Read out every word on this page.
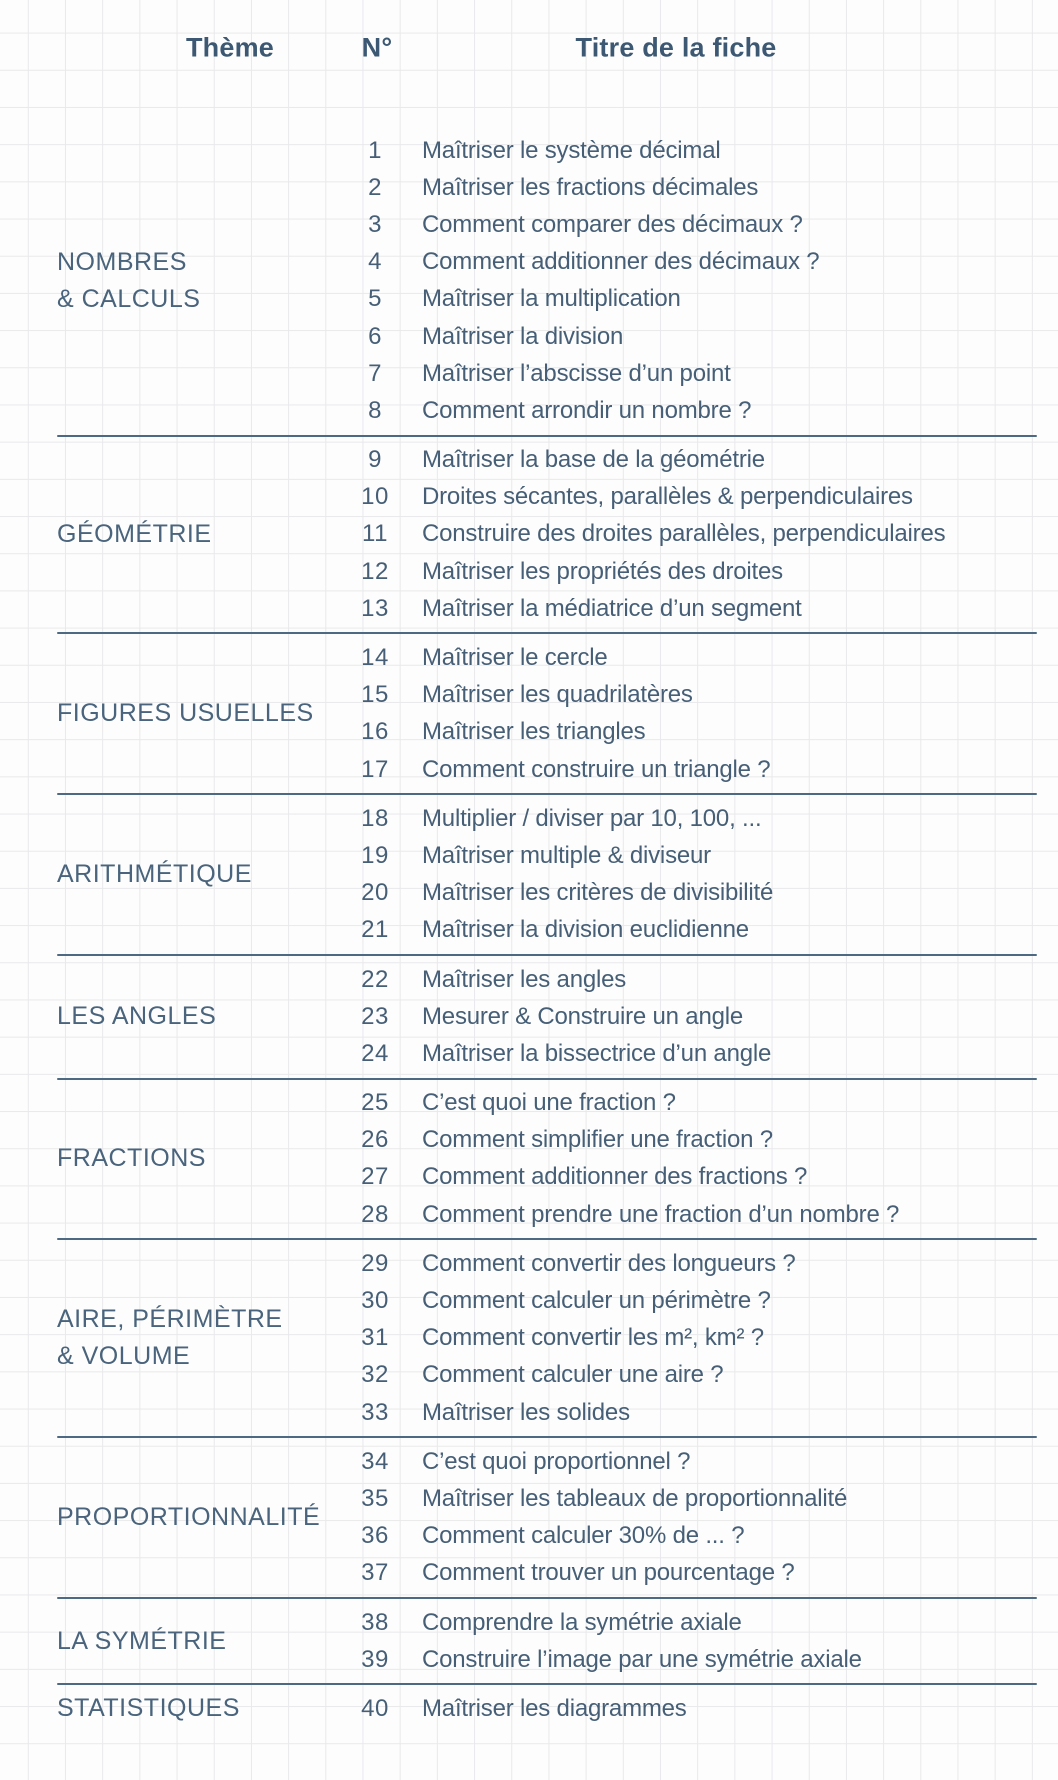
Thème	N°	Titre de la fiche
NOMBRES
& CALCULS
1	Maîtriser le système décimal
2	Maîtriser les fractions décimales
3	Comment comparer des décimaux ?
4	Comment additionner des décimaux ?
5	Maîtriser la multiplication
6	Maîtriser la division
7	Maîtriser l’abscisse d’un point
8	Comment arrondir un nombre ?
GÉOMÉTRIE
9	Maîtriser la base de la géométrie
10	Droites sécantes, parallèles & perpendiculaires
11	Construire des droites parallèles, perpendiculaires
12	Maîtriser les propriétés des droites
13	Maîtriser la médiatrice d’un segment
FIGURES USUELLES
14	Maîtriser le cercle
15	Maîtriser les quadrilatères
16	Maîtriser les triangles
17	Comment construire un triangle ?
ARITHMÉTIQUE
18	Multiplier / diviser par 10, 100, ...
19	Maîtriser multiple & diviseur
20	Maîtriser les critères de divisibilité
21	Maîtriser la division euclidienne
LES ANGLES
22	Maîtriser les angles
23	Mesurer & Construire un angle
24	Maîtriser la bissectrice d’un angle
FRACTIONS
25	C’est quoi une fraction ?
26	Comment simplifier une fraction ?
27	Comment additionner des fractions ?
28	Comment prendre une fraction d’un nombre ?
AIRE, PÉRIMÈTRE
& VOLUME
29	Comment convertir des longueurs ?
30	Comment calculer un périmètre ?
31	Comment convertir les m², km² ?
32	Comment calculer une aire ?
33	Maîtriser les solides
PROPORTIONNALITÉ
34	C’est quoi proportionnel ?
35	Maîtriser les tableaux de proportionnalité
36	Comment calculer 30% de ... ?
37	Comment trouver un pourcentage ?
LA SYMÉTRIE
38	Comprendre la symétrie axiale
39	Construire l’image par une symétrie axiale
STATISTIQUES	40	Maîtriser les diagrammes
